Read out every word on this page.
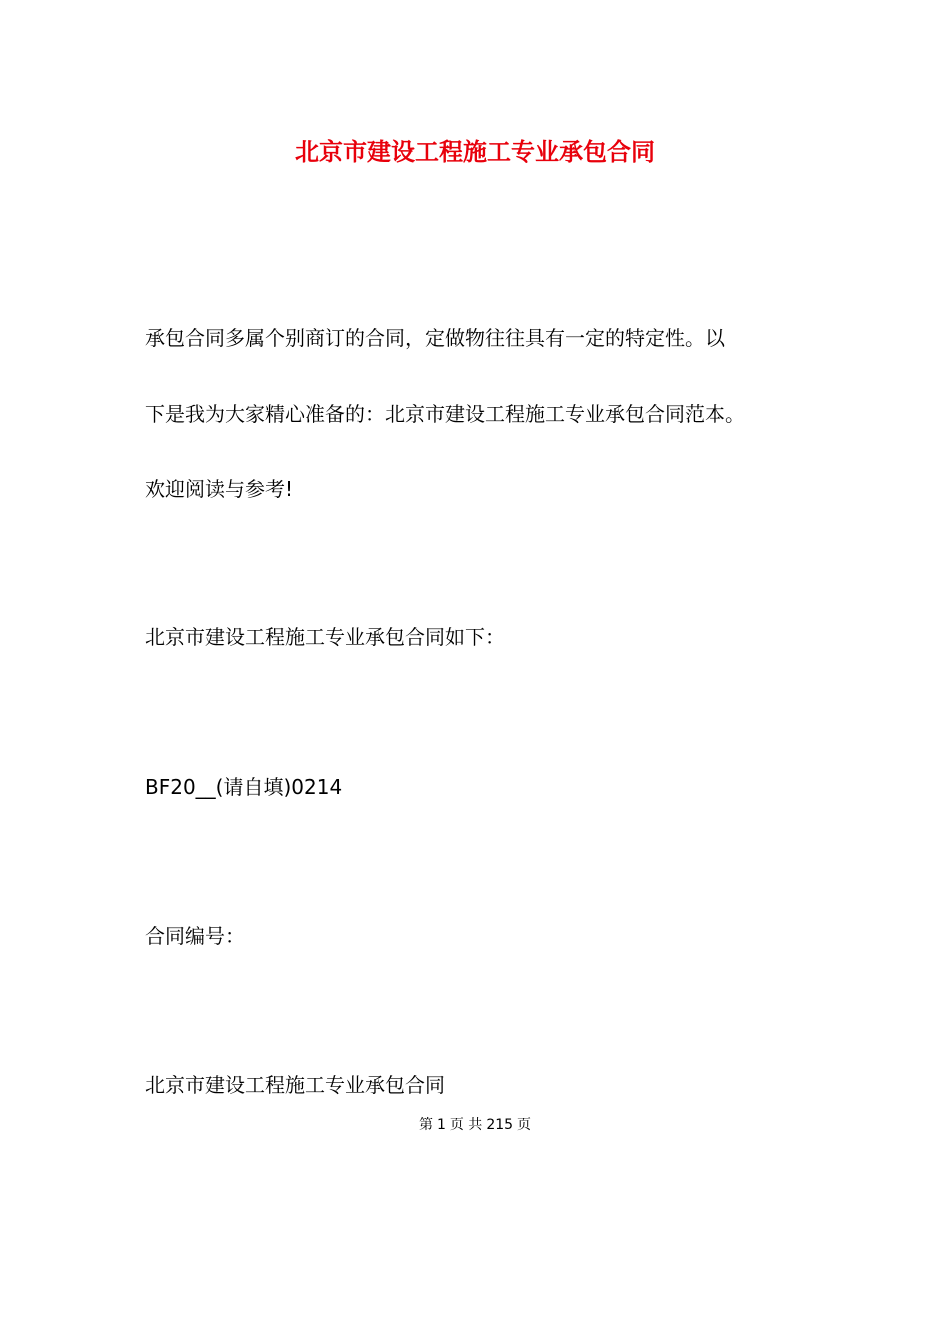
北京市建设工程施工专业承包合同
承包合同多属个别商订的合同，定做物往往具有一定的特定性。以
下是我为大家精心准备的：北京市建设工程施工专业承包合同范本。
欢迎阅读与参考!
北京市建设工程施工专业承包合同如下：
BF20__(请自填)0214
合同编号：
北京市建设工程施工专业承包合同
第 1 页 共 215 页
